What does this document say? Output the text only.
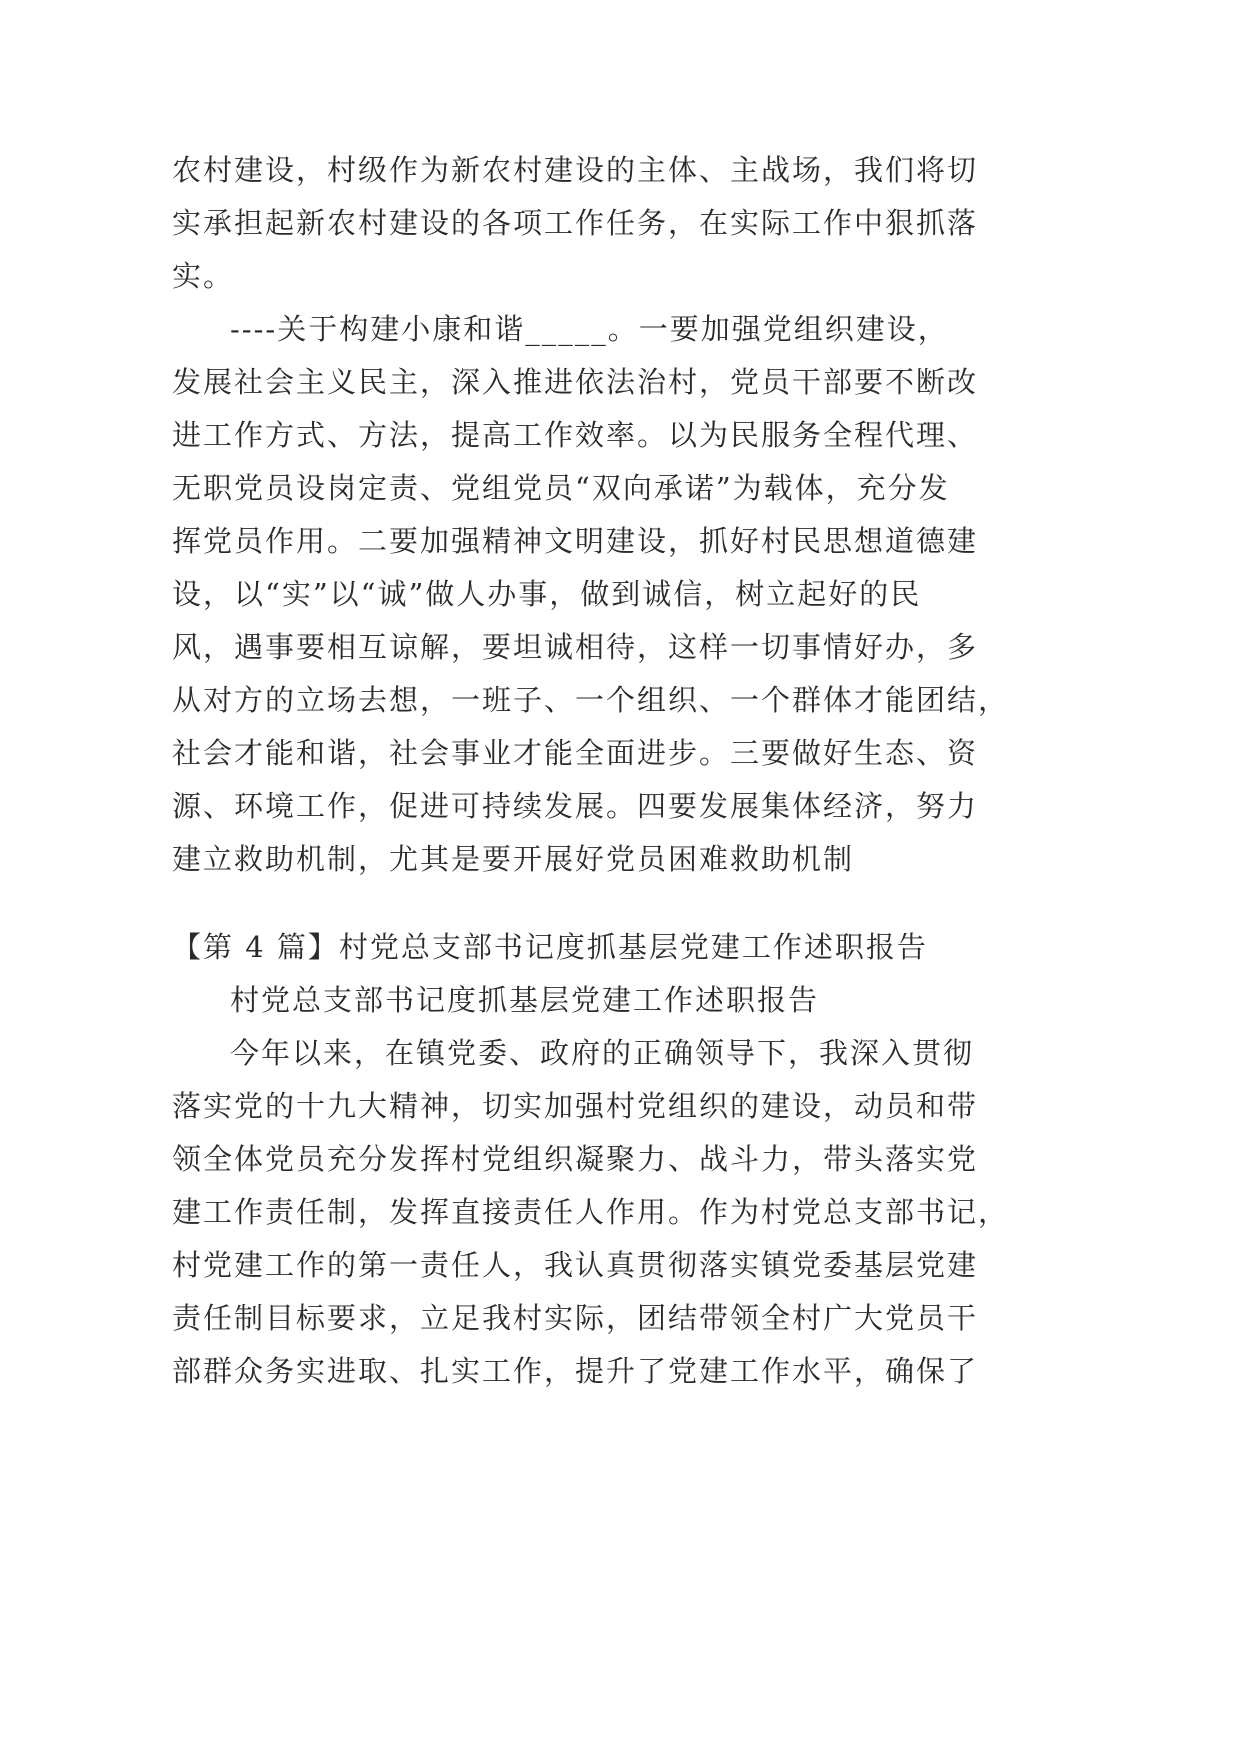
农村建设，村级作为新农村建设的主体、主战场，我们将切
实承担起新农村建设的各项工作任务，在实际工作中狠抓落
实。
----关于构建小康和谐_____。一要加强党组织建设，
发展社会主义民主，深入推进依法治村，党员干部要不断改
进工作方式、方法，提高工作效率。以为民服务全程代理、
无职党员设岗定责、党组党员“双向承诺”为载体，充分发
挥党员作用。二要加强精神文明建设，抓好村民思想道德建
设，以“实”以“诚”做人办事，做到诚信，树立起好的民
风，遇事要相互谅解，要坦诚相待，这样一切事情好办，多
从对方的立场去想，一班子、一个组织、一个群体才能团结，
社会才能和谐，社会事业才能全面进步。三要做好生态、资
源、环境工作，促进可持续发展。四要发展集体经济，努力
建立救助机制，尤其是要开展好党员困难救助机制
【第 4 篇】村党总支部书记度抓基层党建工作述职报告
村党总支部书记度抓基层党建工作述职报告
今年以来，在镇党委、政府的正确领导下，我深入贯彻
落实党的十九大精神，切实加强村党组织的建设，动员和带
领全体党员充分发挥村党组织凝聚力、战斗力，带头落实党
建工作责任制，发挥直接责任人作用。作为村党总支部书记，
村党建工作的第一责任人，我认真贯彻落实镇党委基层党建
责任制目标要求，立足我村实际，团结带领全村广大党员干
部群众务实进取、扎实工作，提升了党建工作水平，确保了
